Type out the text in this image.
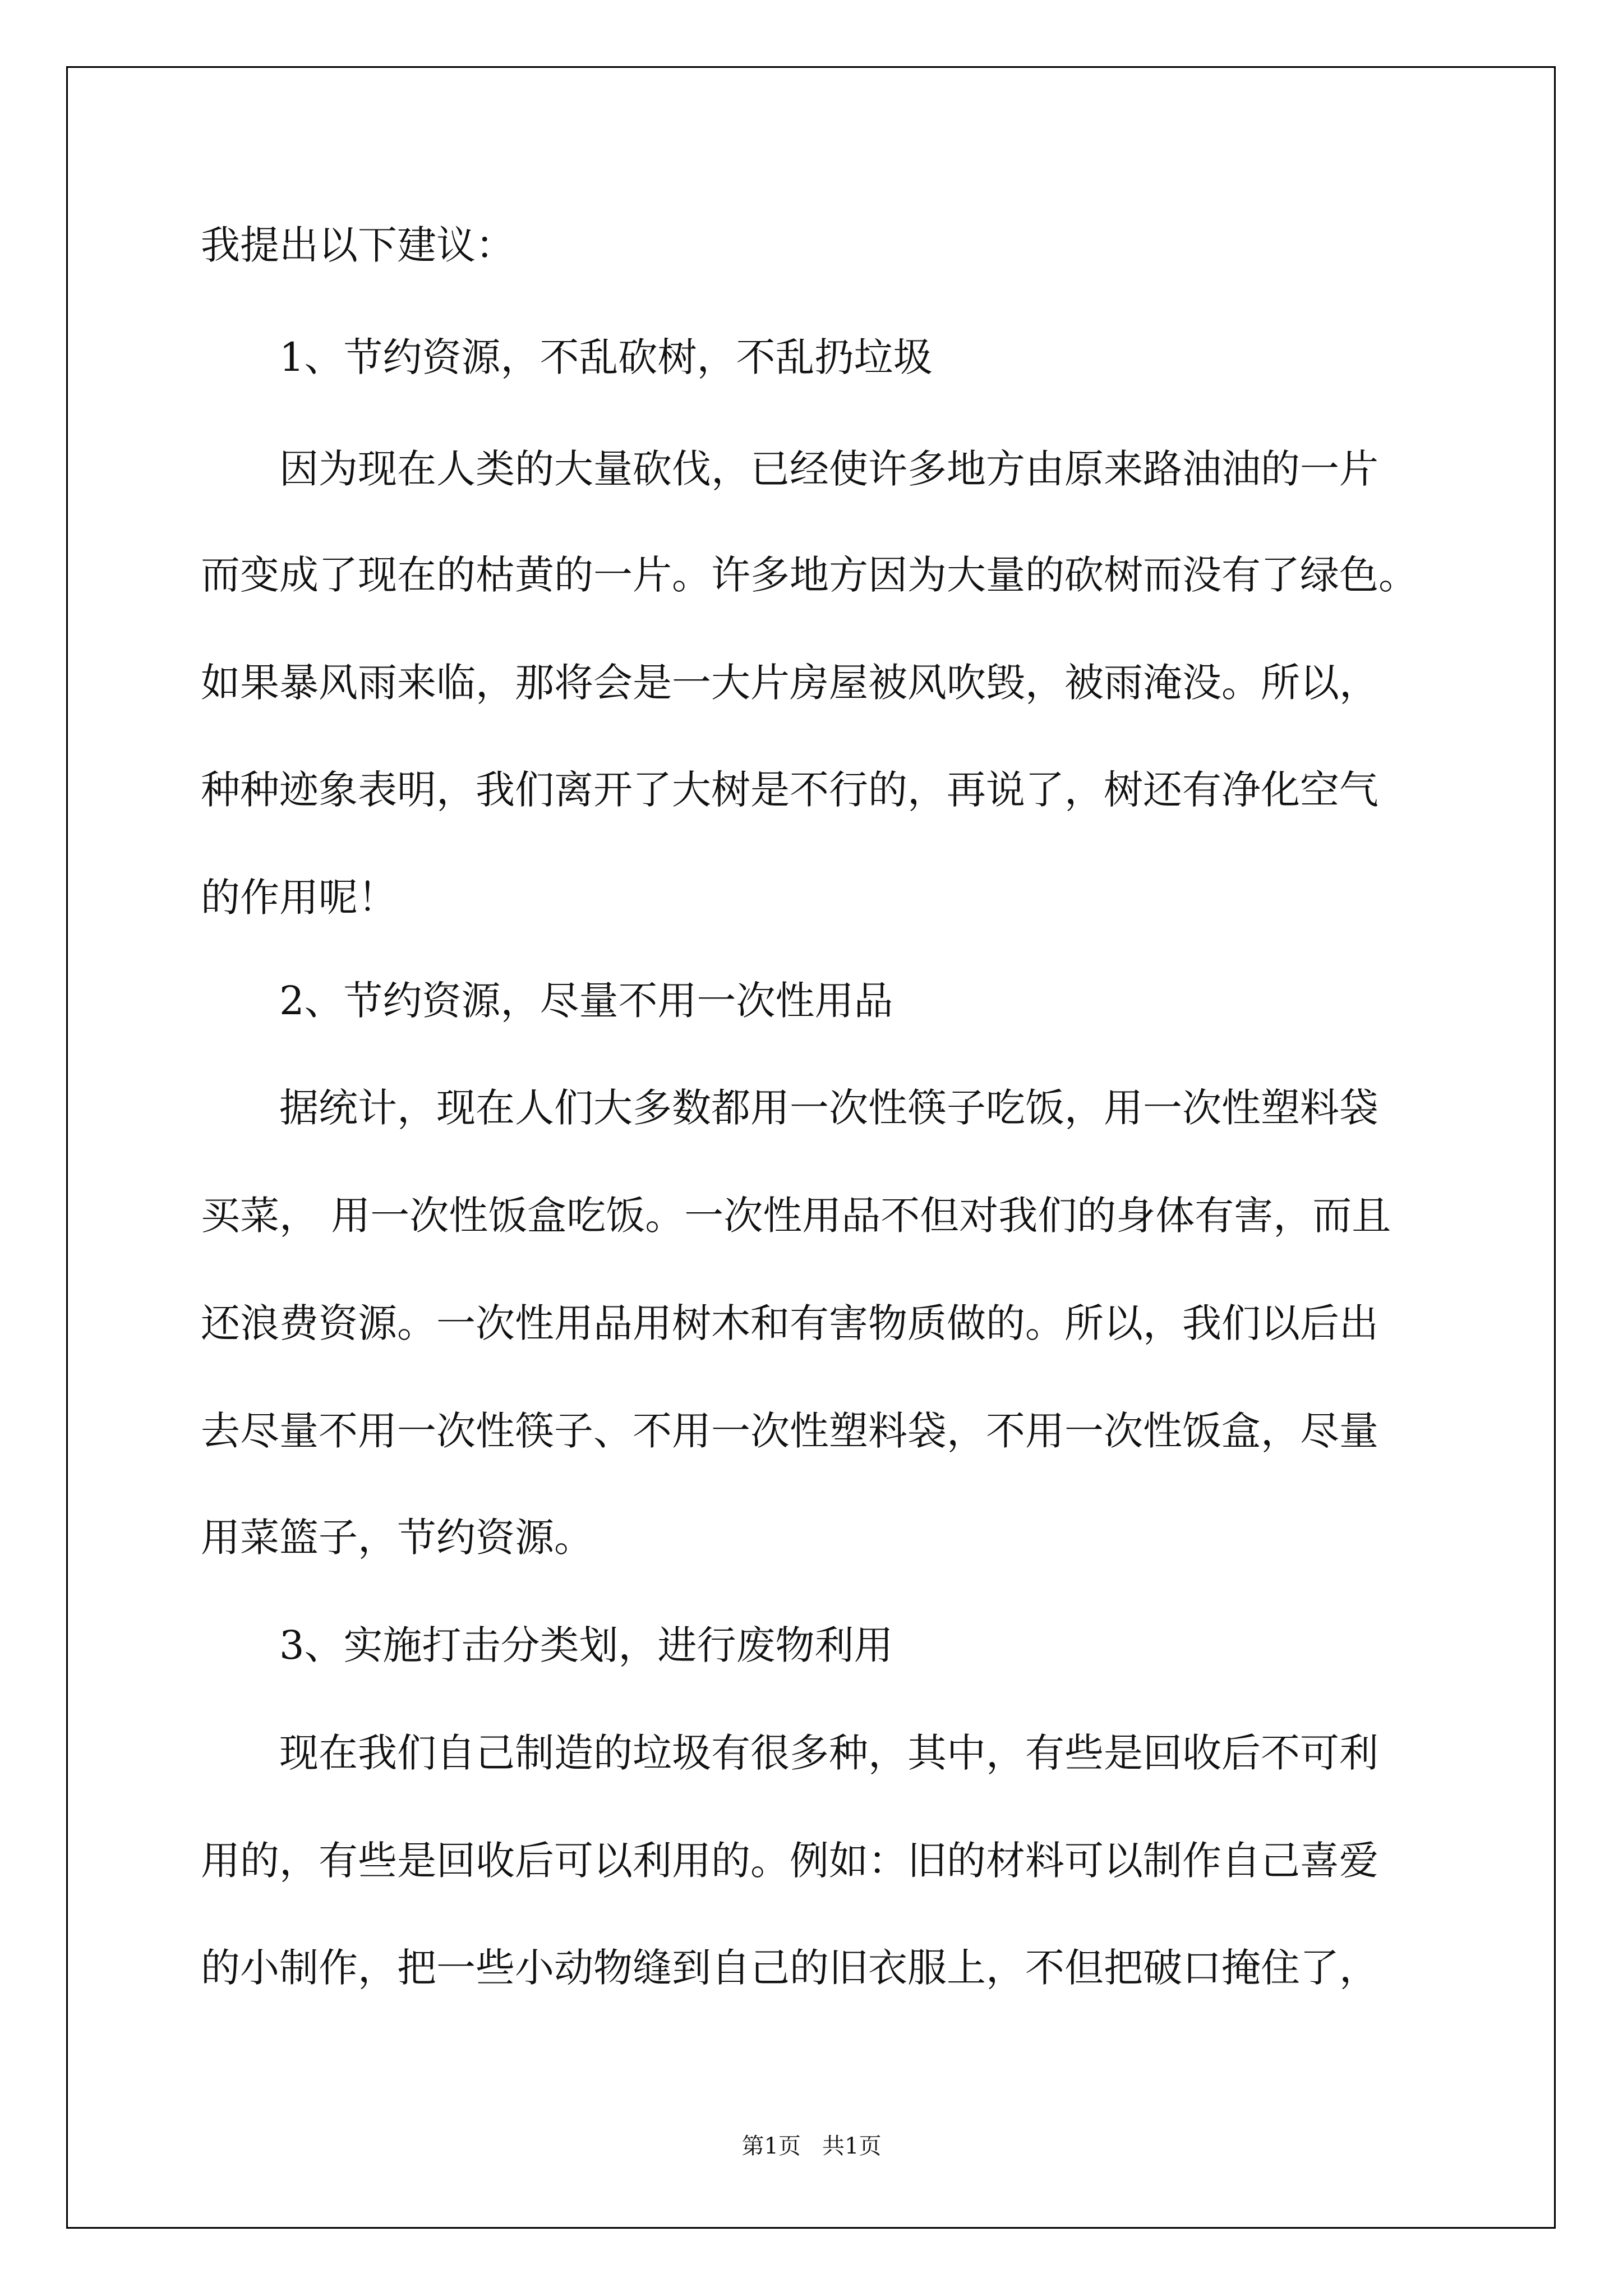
我提出以下建议：

1、节约资源，不乱砍树，不乱扔垃圾

因为现在人类的大量砍伐，已经使许多地方由原来路油油的一片

而变成了现在的枯黄的一片。许多地方因为大量的砍树而没有了绿色。

如果暴风雨来临，那将会是一大片房屋被风吹毁，被雨淹没。所以，

种种迹象表明，我们离开了大树是不行的，再说了，树还有净化空气

的作用呢！

2、节约资源，尽量不用一次性用品

据统计，现在人们大多数都用一次性筷子吃饭，用一次性塑料袋

买菜， 用一次性饭盒吃饭。一次性用品不但对我们的身体有害，而且

还浪费资源。一次性用品用树木和有害物质做的。所以，我们以后出

去尽量不用一次性筷子、不用一次性塑料袋，不用一次性饭盒，尽量

用菜篮子，节约资源。

3、实施打击分类划，进行废物利用

现在我们自己制造的垃圾有很多种，其中，有些是回收后不可利

用的，有些是回收后可以利用的。例如：旧的材料可以制作自己喜爱

的小制作，把一些小动物缝到自己的旧衣服上，不但把破口掩住了，

第1页   共1页
